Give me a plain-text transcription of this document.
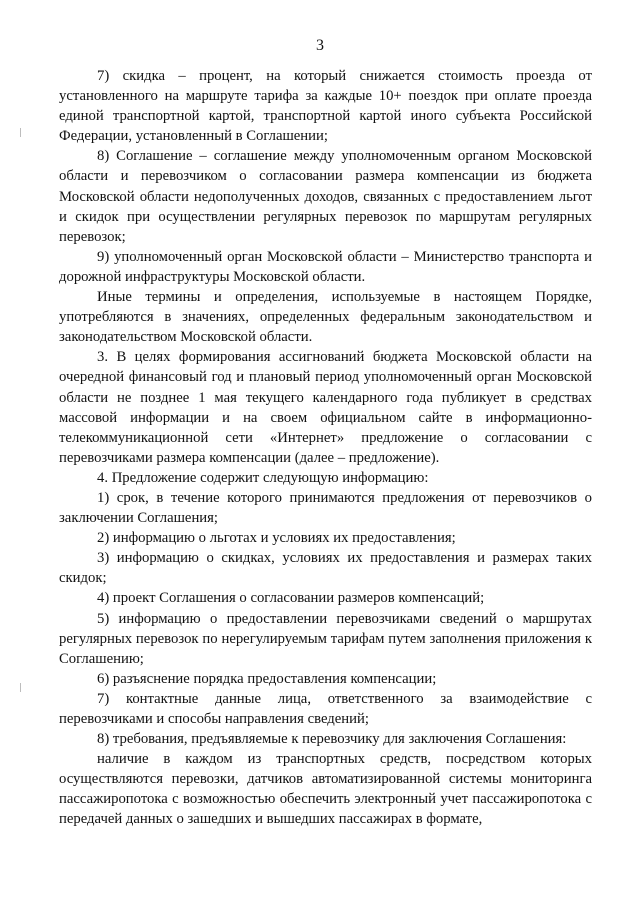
3

7) скидка – процент, на который снижается стоимость проезда от установленного на маршруте тарифа за каждые 10+ поездок при оплате проезда единой транспортной картой, транспортной картой иного субъекта Российской Федерации, установленный в Соглашении;

8) Соглашение – соглашение между уполномоченным органом Московской области и перевозчиком о согласовании размера компенсации из бюджета Московской области недополученных доходов, связанных с предоставлением льгот и скидок при осуществлении регулярных перевозок по маршрутам регулярных перевозок;

9) уполномоченный орган Московской области – Министерство транспорта и дорожной инфраструктуры Московской области.

Иные термины и определения, используемые в настоящем Порядке, употребляются в значениях, определенных федеральным законодательством и законодательством Московской области.

3. В целях формирования ассигнований бюджета Московской области на очередной финансовый год и плановый период уполномоченный орган Московской области не позднее 1 мая текущего календарного года публикует в средствах массовой информации и на своем официальном сайте в информационно-телекоммуникационной сети «Интернет» предложение о согласовании с перевозчиками размера компенсации (далее – предложение).

4. Предложение содержит следующую информацию:

1) срок, в течение которого принимаются предложения от перевозчиков о заключении Соглашения;

2) информацию о льготах и условиях их предоставления;

3) информацию о скидках, условиях их предоставления и размерах таких скидок;

4) проект Соглашения о согласовании размеров компенсаций;

5) информацию о предоставлении перевозчиками сведений о маршрутах регулярных перевозок по нерегулируемым тарифам путем заполнения приложения к Соглашению;

6) разъяснение порядка предоставления компенсации;

7) контактные данные лица, ответственного за взаимодействие с перевозчиками и способы направления сведений;

8) требования, предъявляемые к перевозчику для заключения Соглашения:

наличие в каждом из транспортных средств, посредством которых осуществляются перевозки, датчиков автоматизированной системы мониторинга пассажиропотока с возможностью обеспечить электронный учет пассажиропотока с передачей данных о зашедших и вышедших пассажирах в формате,
